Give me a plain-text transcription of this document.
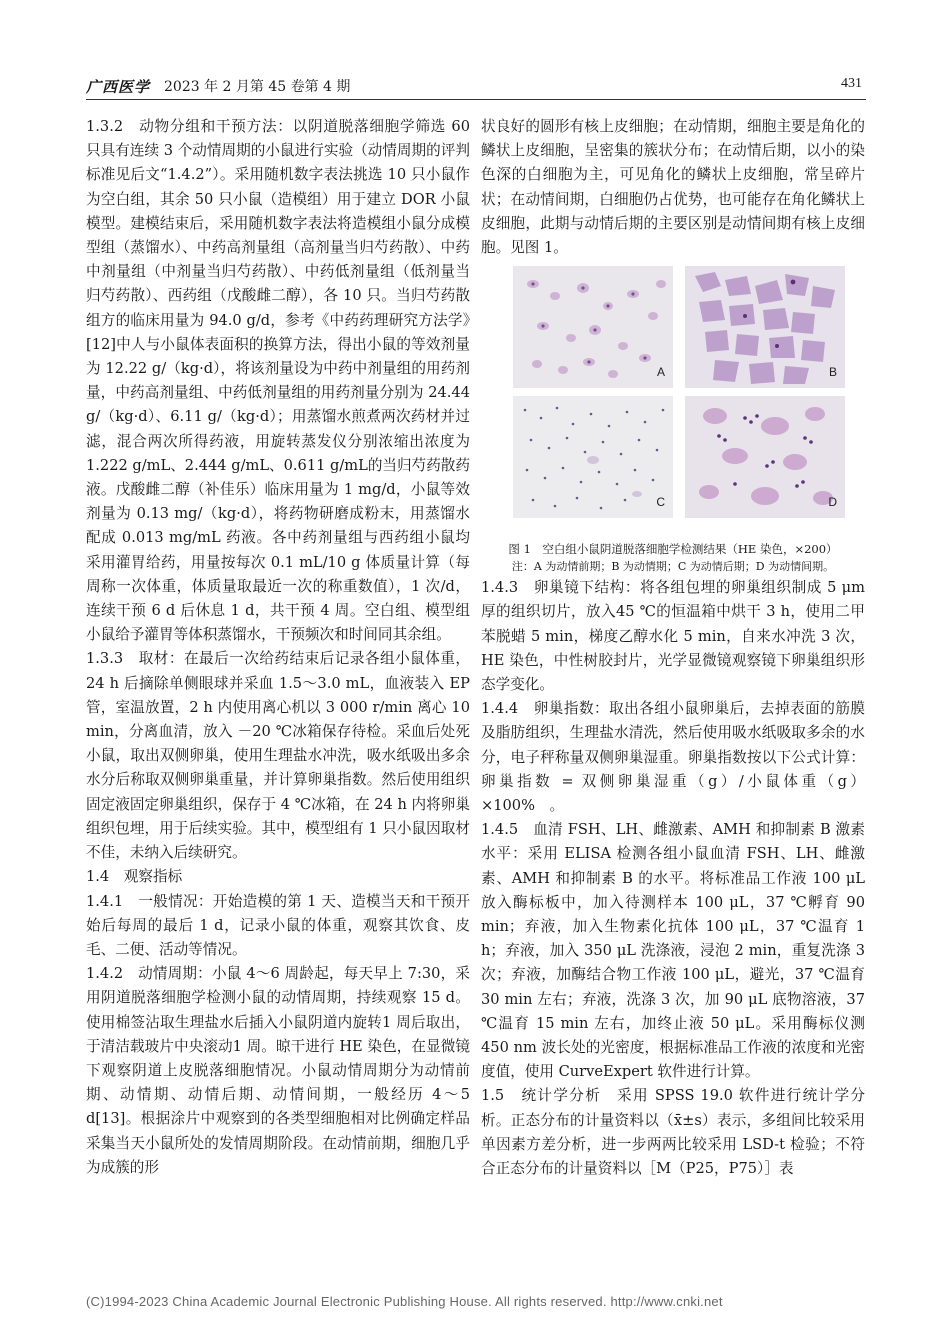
广西医学 2023 年 2 月第 45 卷第 4 期	431

1.3.2　动物分组和干预方法：以阴道脱落细胞学筛选 60 只具有连续 3 个动情周期的小鼠进行实验（动情周期的评判标准见后文“1.4.2”）。采用随机数字表法挑选 10 只小鼠作为空白组，其余 50 只小鼠（造模组）用于建立 DOR 小鼠模型。建模结束后，采用随机数字表法将造模组小鼠分成模型组（蒸馏水）、中药高剂量组（高剂量当归芍药散）、中药中剂量组（中剂量当归芍药散）、中药低剂量组（低剂量当归芍药散）、西药组（戊酸雌二醇），各 10 只。当归芍药散组方的临床用量为 94.0 g/d，参考《中药药理研究方法学》[12]中人与小鼠体表面积的换算方法，得出小鼠的等效剂量为 12.22 g/（kg·d），将该剂量设为中药中剂量组的用药剂量，中药高剂量组、中药低剂量组的用药剂量分别为 24.44 g/（kg·d）、6.11 g/（kg·d）；用蒸馏水煎煮两次药材并过滤，混合两次所得药液，用旋转蒸发仪分别浓缩出浓度为 1.222 g/mL、2.444 g/mL、0.611 g/mL的当归芍药散药液。戊酸雌二醇（补佳乐）临床用量为 1 mg/d，小鼠等效剂量为 0.13 mg/（kg·d），将药物研磨成粉末，用蒸馏水配成 0.013 mg/mL 药液。各中药剂量组与西药组小鼠均采用灌胃给药，用量按每次 0.1 mL/10 g 体质量计算（每周称一次体重，体质量取最近一次的称重数值），1 次/d，连续干预 6 d 后休息 1 d，共干预 4 周。空白组、模型组小鼠给予灌胃等体积蒸馏水，干预频次和时间同其余组。

1.3.3　取材：在最后一次给药结束后记录各组小鼠体重，24 h 后摘除单侧眼球并采血 1.5～3.0 mL，血液装入 EP 管，室温放置，2 h 内使用离心机以 3 000 r/min 离心 10 min，分离血清，放入 －20 ℃冰箱保存待检。采血后处死小鼠，取出双侧卵巢，使用生理盐水冲洗，吸水纸吸出多余水分后称取双侧卵巢重量，并计算卵巢指数。然后使用组织固定液固定卵巢组织，保存于 4 ℃冰箱，在 24 h 内将卵巢组织包埋，用于后续实验。其中，模型组有 1 只小鼠因取材不佳，未纳入后续研究。

1.4　观察指标

1.4.1　一般情况：开始造模的第 1 天、造模当天和干预开始后每周的最后 1 d，记录小鼠的体重，观察其饮食、皮毛、二便、活动等情况。

1.4.2　动情周期：小鼠 4～6 周龄起，每天早上 7:30，采用阴道脱落细胞学检测小鼠的动情周期，持续观察 15 d。使用棉签沾取生理盐水后插入小鼠阴道内旋转1 周后取出，于清洁载玻片中央滚动1 周。晾干进行 HE 染色，在显微镜下观察阴道上皮脱落细胞情况。小鼠动情周期分为动情前期、动情期、动情后期、动情间期，一般经历 4～5 d[13]。根据涂片中观察到的各类型细胞相对比例确定样品采集当天小鼠所处的发情周期阶段。在动情前期，细胞几乎为成簇的形

状良好的圆形有核上皮细胞；在动情期，细胞主要是角化的鳞状上皮细胞，呈密集的簇状分布；在动情后期，以小的染色深的白细胞为主，可见角化的鳞状上皮细胞，常呈碎片状；在动情间期，白细胞仍占优势，也可能存在角化鳞状上皮细胞，此期与动情后期的主要区别是动情间期有核上皮细胞。见图 1。

A	B
C	D
图 1　空白组小鼠阴道脱落细胞学检测结果（HE 染色，×200）
注：A 为动情前期；B 为动情期；C 为动情后期；D 为动情间期。

1.4.3　卵巢镜下结构：将各组包埋的卵巢组织制成 5 μm 厚的组织切片，放入45 ℃的恒温箱中烘干 3 h，使用二甲苯脱蜡 5 min，梯度乙醇水化 5 min，自来水冲洗 3 次，HE 染色，中性树胶封片，光学显微镜观察镜下卵巢组织形态学变化。

1.4.4　卵巢指数：取出各组小鼠卵巢后，去掉表面的筋膜及脂肪组织，生理盐水清洗，然后使用吸水纸吸取多余的水分，电子秤称量双侧卵巢湿重。卵巢指数按以下公式计算：卵巢指数 = 双侧卵巢湿重（g）/小鼠体重（g）×100%　。

1.4.5　血清 FSH、LH、雌激素、AMH 和抑制素 B 激素水平：采用 ELISA 检测各组小鼠血清 FSH、LH、雌激素、AMH 和抑制素 B 的水平。将标准品工作液 100 μL 放入酶标板中，加入待测样本 100 μL，37 ℃孵育 90 min；弃液，加入生物素化抗体 100 μL，37 ℃温育 1 h；弃液，加入 350 μL 洗涤液，浸泡 2 min，重复洗涤 3 次；弃液，加酶结合物工作液 100 μL，避光，37 ℃温育 30 min 左右；弃液，洗涤 3 次，加 90 μL 底物溶液，37 ℃温育 15 min 左右，加终止液 50 μL。采用酶标仪测 450 nm 波长处的光密度，根据标准品工作液的浓度和光密度值，使用 CurveExpert 软件进行计算。

1.5　统计学分析　采用 SPSS 19.0 软件进行统计学分析。正态分布的计量资料以（x̄±s）表示，多组间比较采用单因素方差分析，进一步两两比较采用 LSD-t 检验；不符合正态分布的计量资料以［M（P25，P75）］表

(C)1994-2023 China Academic Journal Electronic Publishing House. All rights reserved. http://www.cnki.net
